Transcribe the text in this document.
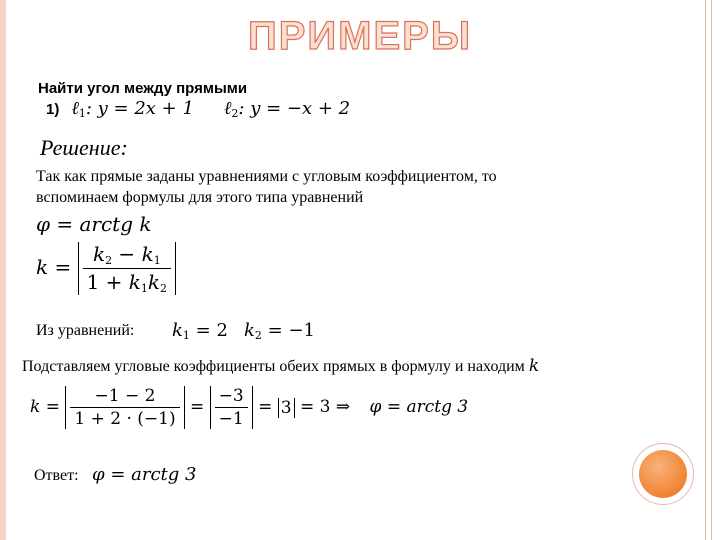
ПРИМЕРЫ
Найти угол между прямыми
1) ℓ$_1$: y = 2x + 1 ℓ$_2$: y = −x + 2
Решение:
Так как прямые заданы уравнениями с угловым коэффициентом, то
вспоминаем формулы для этого типа уравнений
φ = arctg k
$k = \frac{k_2 - k_1}{1 + k_1k_2}$
Из уравнений: $k_1 = 2$ $k_2 = -1$
Подставляем угловые коэффициенты обеих прямых в формулу и находим k
$k = \frac{-1 - 2}{1 + 2 \cdot (-1)} = \frac{-3}{-1} = 3 = 3$ ⇒ φ = arctg 3
Ответ: φ = arctg 3
